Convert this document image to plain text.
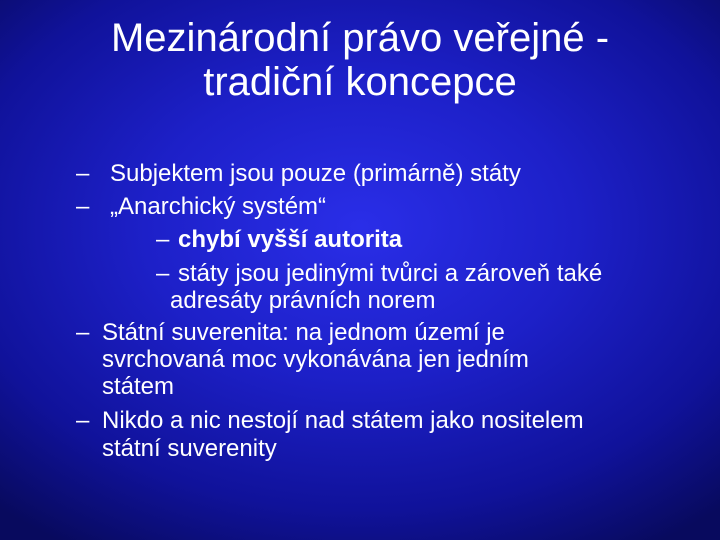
Mezinárodní právo veřejné -
tradiční koncepce
– Subjektem jsou pouze (primárně) státy
– „Anarchický systém“
– chybí vyšší autorita
– státy jsou jedinými tvůrci a zároveň také
adresáty právních norem
– Státní suverenita: na jednom území je
svrchovaná moc vykonávána jen jedním
státem
– Nikdo a nic nestojí nad státem jako nositelem
státní suverenity
